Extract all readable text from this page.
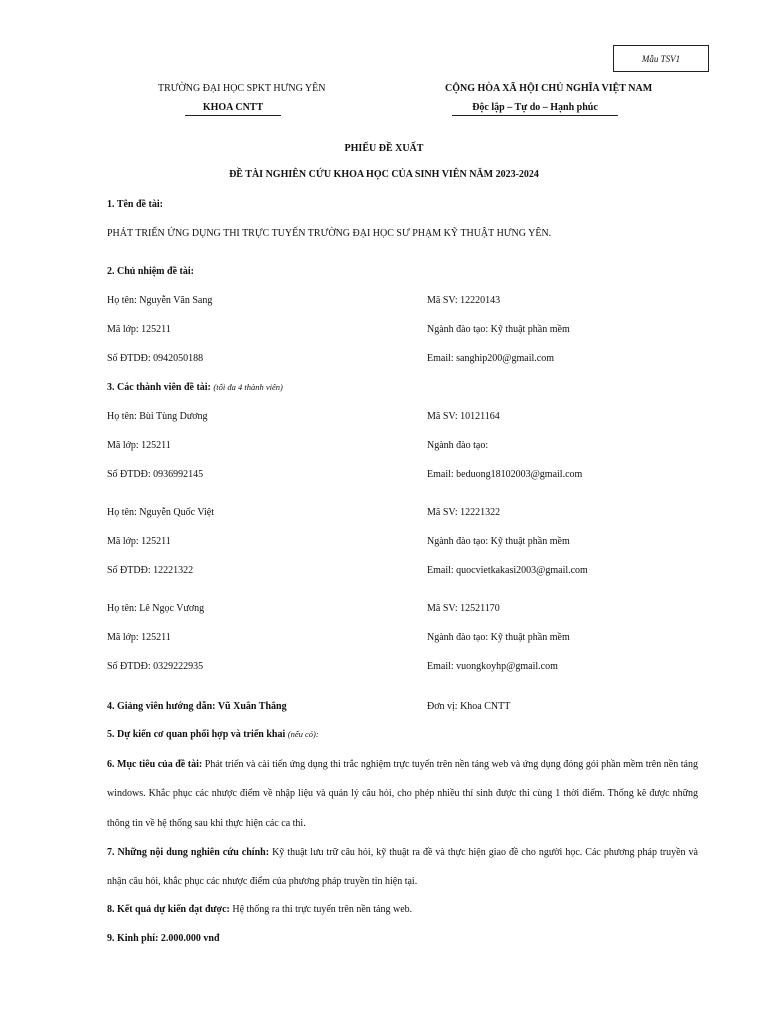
Mẫu TSV1
TRƯỜNG ĐẠI HỌC SPKT HƯNG YÊN
KHOA CNTT
CỘNG HÒA XÃ HỘI CHỦ NGHĨA VIỆT NAM
Độc lập – Tự do – Hạnh phúc
PHIẾU ĐỀ XUẤT
ĐỀ TÀI NGHIÊN CỨU KHOA HỌC CỦA SINH VIÊN NĂM 2023-2024
1. Tên đề tài:
PHÁT TRIỂN ỨNG DỤNG THI TRỰC TUYẾN TRƯỜNG ĐẠI HỌC SƯ PHẠM KỸ THUẬT HƯNG YÊN.
2. Chủ nhiệm đề tài:
Họ tên: Nguyễn Văn Sang	Mã SV: 12220143
Mã lớp: 125211	Ngành đào tạo: Kỹ thuật phần mềm
Số ĐTDĐ: 0942050188	Email: sanghip200@gmail.com
3. Các thành viên đề tài: (tối đa 4 thành viên)
Họ tên: Bùi Tùng Dương	Mã SV: 10121164
Mã lớp: 125211	Ngành đào tạo:
Số ĐTDĐ: 0936992145	Email: beduong18102003@gmail.com
Họ tên: Nguyễn Quốc Việt	Mã SV: 12221322
Mã lớp: 125211	Ngành đào tạo: Kỹ thuật phần mềm
Số ĐTDĐ: 12221322	Email: quocvietkakasi2003@gmail.com
Họ tên: Lê Ngọc Vương	Mã SV: 12521170
Mã lớp: 125211	Ngành đào tạo: Kỹ thuật phần mềm
Số ĐTDĐ: 0329222935	Email: vuongkoyhp@gmail.com
4. Giảng viên hướng dẫn: Vũ Xuân Thắng	Đơn vị: Khoa CNTT
5. Dự kiến cơ quan phối hợp và triển khai (nếu có):
6. Mục tiêu của đề tài: Phát triển và cài tiến ứng dụng thi trắc nghiệm trực tuyến trên nền tảng web và ứng dụng đóng gói phần mềm trên nền tảng windows. Khắc phục các nhược điểm về nhập liệu và quản lý câu hỏi, cho phép nhiều thí sinh được thi cùng 1 thời điểm. Thống kê được những thông tin về hệ thống sau khi thực hiện các ca thi.
7. Những nội dung nghiên cứu chính: Kỹ thuật lưu trữ câu hỏi, kỹ thuật ra đề và thực hiện giao đề cho người học. Các phương pháp truyền và nhận câu hỏi, khắc phục các nhược điểm của phương pháp truyền tin hiện tại.
8. Kết quả dự kiến đạt được: Hệ thống ra thi trực tuyến trên nền tảng web.
9. Kinh phí: 2.000.000 vnđ
